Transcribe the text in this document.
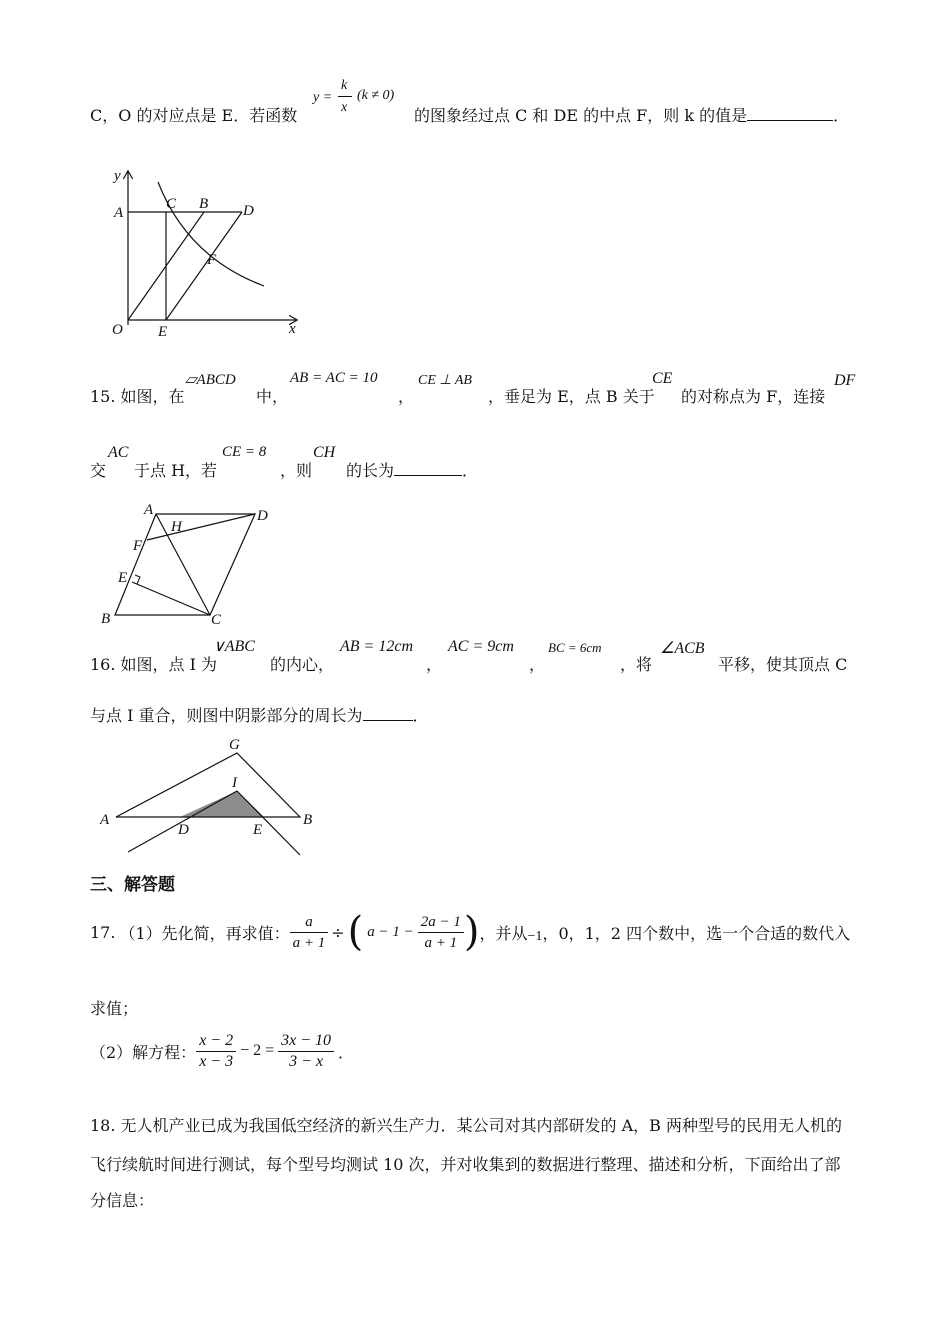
C，O 的对应点是 E．若函数
y =
k
x
(k ≠ 0)
的图象经过点 C 和 DE 的中点 F，则 k 的值是	．
y
A
C B D
F
O E	x
15. 如图，在
▱ABCD
中，
AB = AC = 10
，
CE ⊥ AB
，垂足为 E，点 B 关于
CE
的对称点为 F，连接
DF
交
AC
于点 H，若
CE = 8
，则
CH
的长为	．
A
H
D
F
E
B	C
16. 如图，点 I 为
∨ABC
的内心，
AB = 12cm
，
AC = 9cm
，
BC = 6cm
，将
∠ACB
平移，使其顶点 C
与点 I 重合，则图中阴影部分的周长为	．
G
I
A
D	E
B
三、解答题
17. （1）先化简，再求值： $\frac{a}{a + 1}$ ÷ ( $a - 1 - \frac{2a - 1}{a + 1}$ ) ，并从 −1 ，0，1，2 四个数中，选一个合适的数代入
求值；
（2）解方程： $\frac{x - 2}{x - 3} - 2 = \frac{3x - 10}{3 - x}$ ．
18. 无人机产业已成为我国低空经济的新兴生产力．某公司对其内部研发的 A，B 两种型号的民用无人机的
飞行续航时间进行测试，每个型号均测试 10 次，并对收集到的数据进行整理、描述和分析，下面给出了部
分信息：
